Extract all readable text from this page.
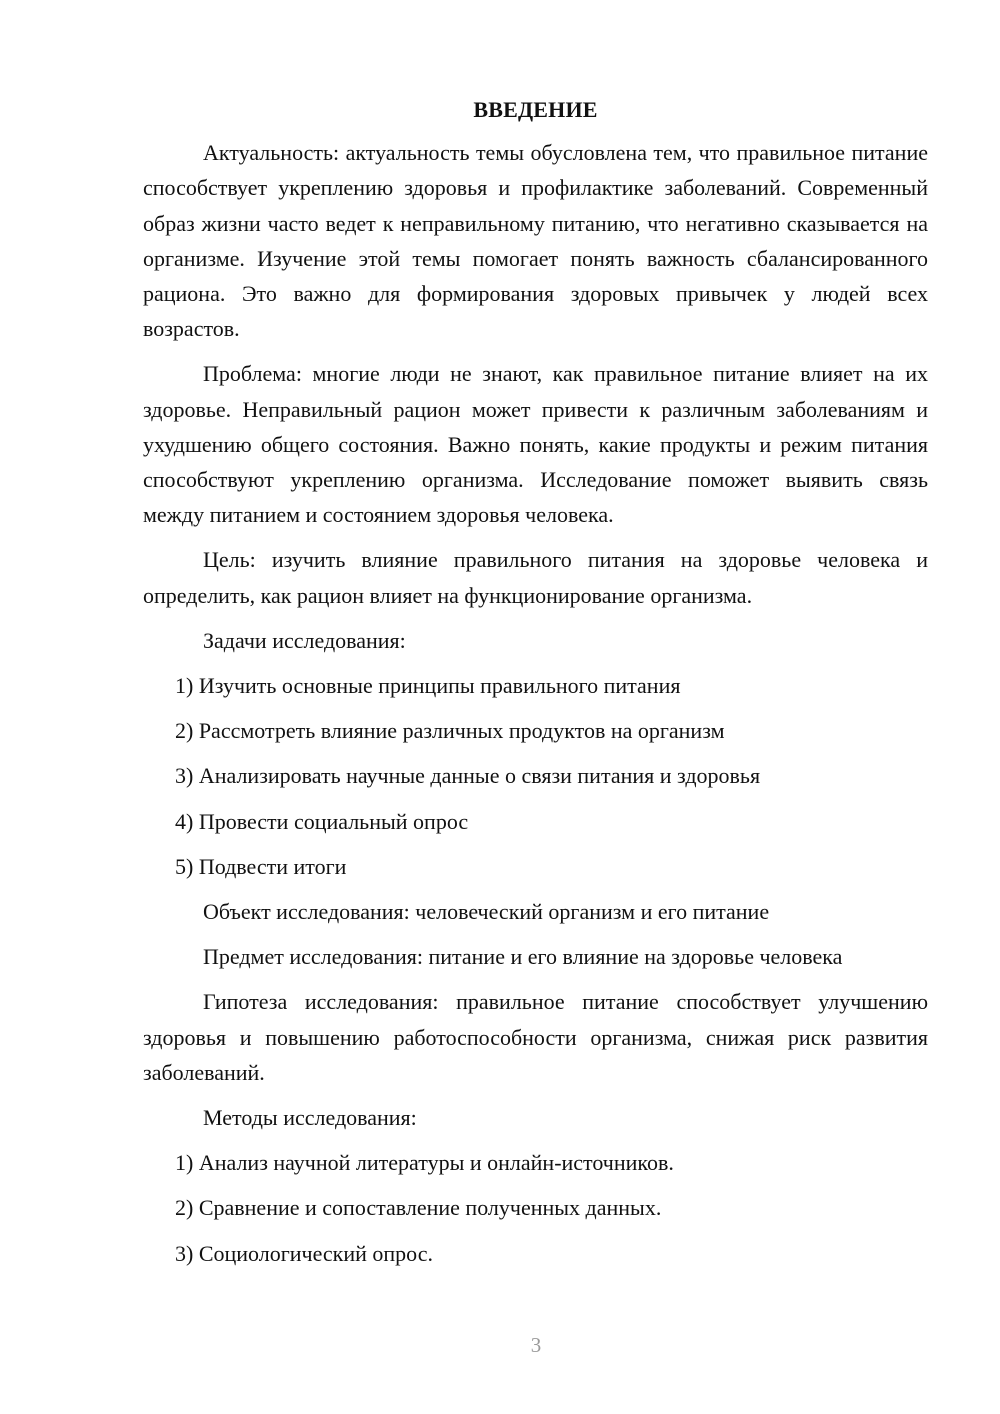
ВВЕДЕНИЕ

Актуальность: актуальность темы обусловлена тем, что правильное питание способствует укреплению здоровья и профилактике заболеваний. Современный образ жизни часто ведет к неправильному питанию, что негативно сказывается на организме. Изучение этой темы помогает понять важность сбалансированного рациона. Это важно для формирования здоровых привычек у людей всех возрастов.

Проблема: многие люди не знают, как правильное питание влияет на их здоровье. Неправильный рацион может привести к различным заболеваниям и ухудшению общего состояния. Важно понять, какие продукты и режим питания способствуют укреплению организма. Исследование поможет выявить связь между питанием и состоянием здоровья человека.

Цель: изучить влияние правильного питания на здоровье человека и определить, как рацион влияет на функционирование организма.

Задачи исследования:

1) Изучить основные принципы правильного питания

2) Рассмотреть влияние различных продуктов на организм

3) Анализировать научные данные о связи питания и здоровья

4) Провести социальный опрос

5) Подвести итоги

Объект исследования: человеческий организм и его питание

Предмет исследования: питание и его влияние на здоровье человека

Гипотеза исследования: правильное питание способствует улучшению здоровья и повышению работоспособности организма, снижая риск развития заболеваний.

Методы исследования:

1) Анализ научной литературы и онлайн-источников.

2) Сравнение и сопоставление полученных данных.

3) Социологический опрос.

3
